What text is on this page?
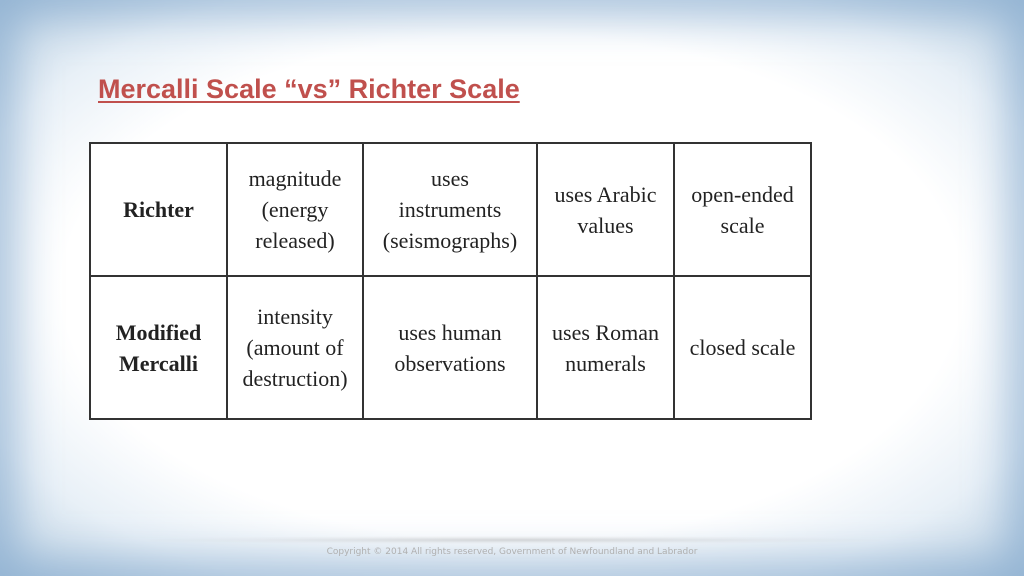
Mercalli Scale “vs” Richter Scale
Richter	magnitude
(energy
released)	uses
instruments
(seismographs)	uses Arabic
values	open-ended
scale
Modified
Mercalli	intensity
(amount of
destruction)	uses human
observations	uses Roman
numerals	closed scale
Copyright © 2014 All rights reserved, Government of Newfoundland and Labrador
